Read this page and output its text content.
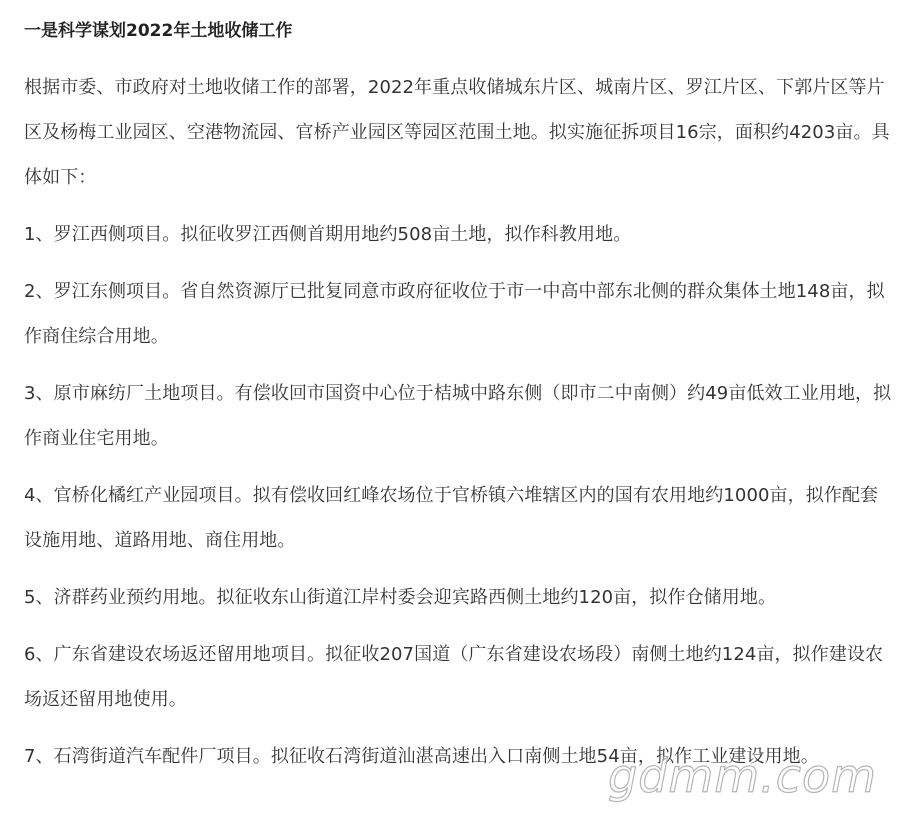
一是科学谋划2022年土地收储工作

根据市委、市政府对土地收储工作的部署，2022年重点收储城东片区、城南片区、罗江片区、下郭片区等片区及杨梅工业园区、空港物流园、官桥产业园区等园区范围土地。拟实施征拆项目16宗，面积约4203亩。具体如下：

1、罗江西侧项目。拟征收罗江西侧首期用地约508亩土地，拟作科教用地。

2、罗江东侧项目。省自然资源厅已批复同意市政府征收位于市一中高中部东北侧的群众集体土地148亩，拟作商住综合用地。

3、原市麻纺厂土地项目。有偿收回市国资中心位于桔城中路东侧（即市二中南侧）约49亩低效工业用地，拟作商业住宅用地。

4、官桥化橘红产业园项目。拟有偿收回红峰农场位于官桥镇六堆辖区内的国有农用地约1000亩，拟作配套设施用地、道路用地、商住用地。

5、济群药业预约用地。拟征收东山街道江岸村委会迎宾路西侧土地约120亩，拟作仓储用地。

6、广东省建设农场返还留用地项目。拟征收207国道（广东省建设农场段）南侧土地约124亩，拟作建设农场返还留用地使用。

7、石湾街道汽车配件厂项目。拟征收石湾街道汕湛高速出入口南侧土地54亩，拟作工业建设用地。

gdmm.com
